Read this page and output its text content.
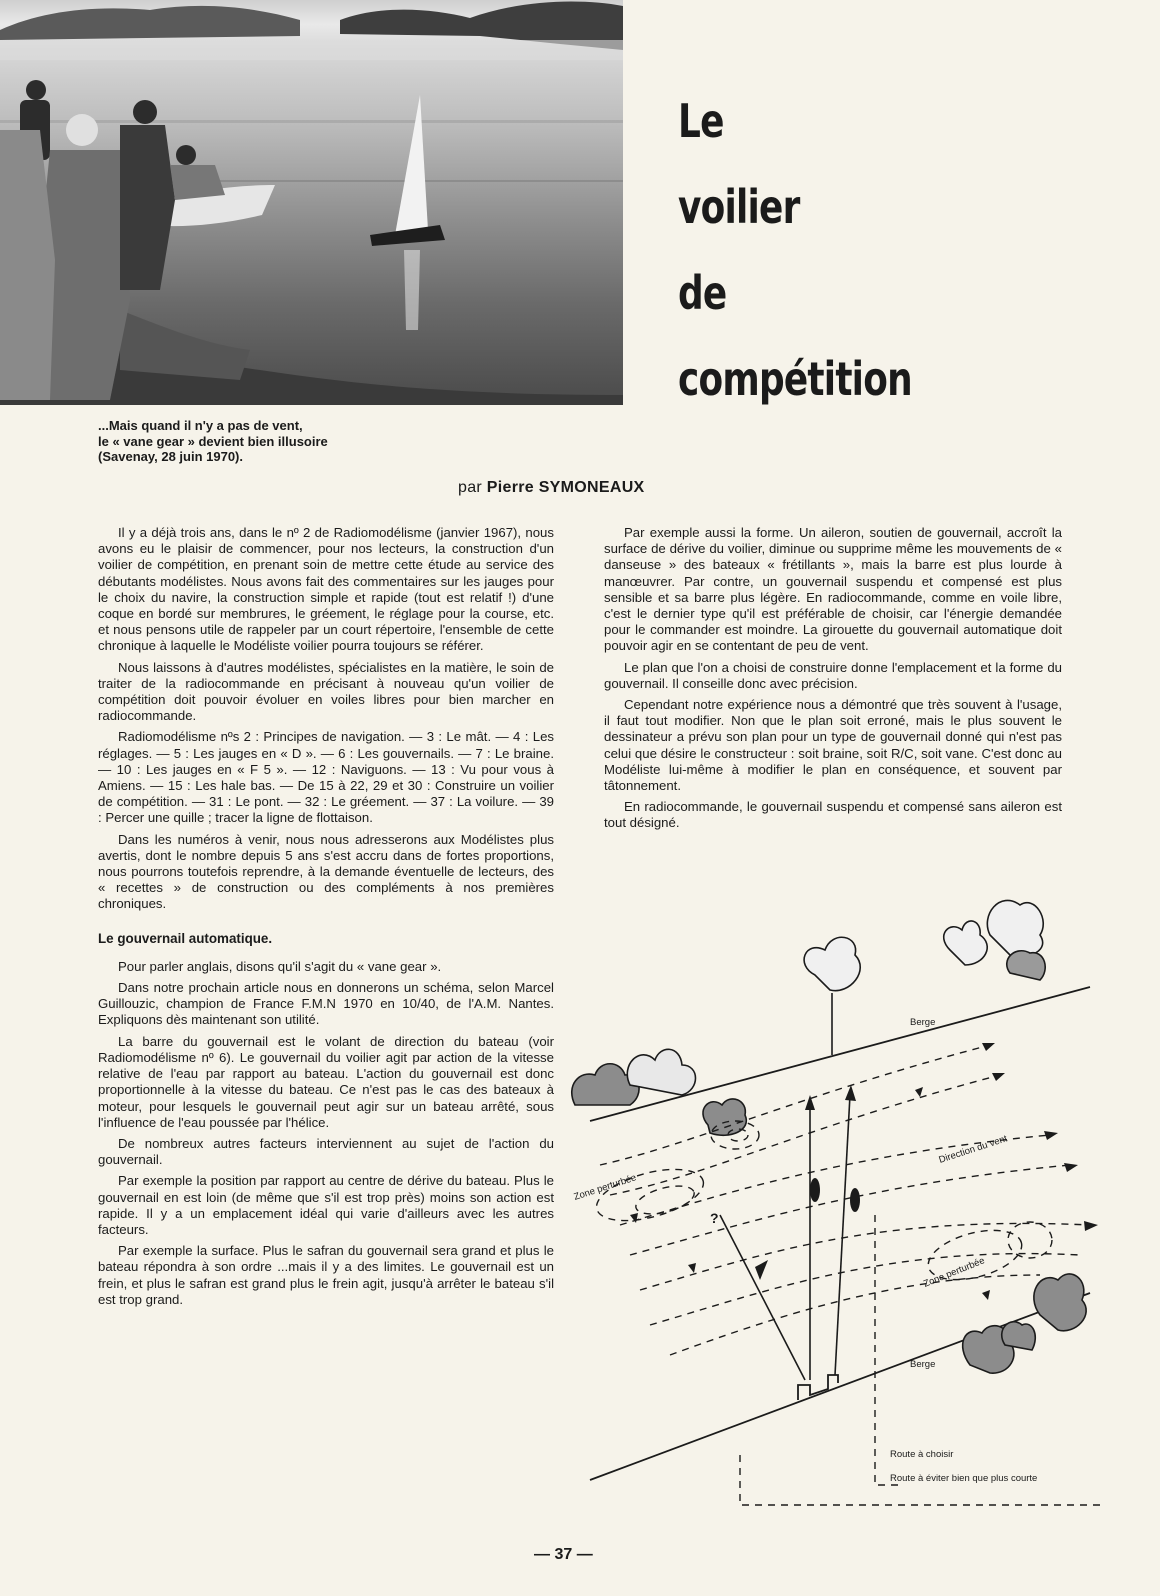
Le
voilier
de
compétition
...Mais quand il n'y a pas de vent,
le « vane gear » devient bien illusoire
(Savenay, 28 juin 1970).
par Pierre SYMONEAUX

Il y a déjà trois ans, dans le nº 2 de Radiomodélisme (janvier 1967), nous avons eu le plaisir de commencer, pour nos lecteurs, la construction d'un voilier de compétition, en prenant soin de mettre cette étude au service des débutants modélistes. Nous avons fait des commentaires sur les jauges pour le choix du navire, la construction simple et rapide (tout est relatif !) d'une coque en bordé sur membrures, le gréement, le réglage pour la course, etc. et nous pensons utile de rappeler par un court répertoire, l'ensemble de cette chronique à laquelle le Modéliste voilier pourra toujours se référer.

Nous laissons à d'autres modélistes, spécialistes en la matière, le soin de traiter de la radiocommande en précisant à nouveau qu'un voilier de compétition doit pouvoir évoluer en voiles libres pour bien marcher en radiocommande.

Radiomodélisme nºs 2 : Principes de navigation. — 3 : Le mât. — 4 : Les réglages. — 5 : Les jauges en « D ». — 6 : Les gouvernails. — 7 : Le braine. — 10 : Les jauges en « F 5 ». — 12 : Naviguons. — 13 : Vu pour vous à Amiens. — 15 : Les hale bas. — De 15 à 22, 29 et 30 : Construire un voilier de compétition. — 31 : Le pont. — 32 : Le gréement. — 37 : La voilure. — 39 : Percer une quille ; tracer la ligne de flottaison.

Dans les numéros à venir, nous nous adresserons aux Modélistes plus avertis, dont le nombre depuis 5 ans s'est accru dans de fortes proportions, nous pourrons toutefois reprendre, à la demande éventuelle de lecteurs, des « recettes » de construction ou des compléments à nos premières chroniques.

Le gouvernail automatique.

Pour parler anglais, disons qu'il s'agit du « vane gear ».

Dans notre prochain article nous en donnerons un schéma, selon Marcel Guillouzic, champion de France F.M.N 1970 en 10/40, de l'A.M. Nantes. Expliquons dès maintenant son utilité.

La barre du gouvernail est le volant de direction du bateau (voir Radiomodélisme nº 6). Le gouvernail du voilier agit par action de la vitesse relative de l'eau par rapport au bateau. L'action du gouvernail est donc proportionnelle à la vitesse du bateau. Ce n'est pas le cas des bateaux à moteur, pour lesquels le gouvernail peut agir sur un bateau arrêté, sous l'influence de l'eau poussée par l'hélice.

De nombreux autres facteurs interviennent au sujet de l'action du gouvernail.

Par exemple la position par rapport au centre de dérive du bateau. Plus le gouvernail en est loin (de même que s'il est trop près) moins son action est rapide. Il y a un emplacement idéal qui varie d'ailleurs avec les autres facteurs.

Par exemple la surface. Plus le safran du gouvernail sera grand et plus le bateau répondra à son ordre ...mais il y a des limites. Le gouvernail est un frein, et plus le safran est grand plus le frein agit, jusqu'à arrêter le bateau s'il est trop grand.

Par exemple aussi la forme. Un aileron, soutien de gouvernail, accroît la surface de dérive du voilier, diminue ou supprime même les mouvements de « danseuse » des bateaux « frétillants », mais la barre est plus lourde à manœuvrer. Par contre, un gouvernail suspendu et compensé est plus sensible et sa barre plus légère. En radiocommande, comme en voile libre, c'est le dernier type qu'il est préférable de choisir, car l'énergie demandée pour le commander est moindre. La girouette du gouvernail automatique doit pouvoir agir en se contentant de peu de vent.

Le plan que l'on a choisi de construire donne l'emplacement et la forme du gouvernail. Il conseille donc avec précision.

Cependant notre expérience nous a démontré que très souvent à l'usage, il faut tout modifier. Non que le plan soit erroné, mais le plus souvent le dessinateur a prévu son plan pour un type de gouvernail donné qui n'est pas celui que désire le constructeur : soit braine, soit R/C, soit vane. C'est donc au Modéliste lui-même à modifier le plan en conséquence, et souvent par tâtonnement.

En radiocommande, le gouvernail suspendu et compensé sans aileron est tout désigné.

Berge
Berge
Direction du vent
Zone perturbée
Zone perturbée
Route à choisir
Route à éviter bien que plus courte
?
— 37 —
